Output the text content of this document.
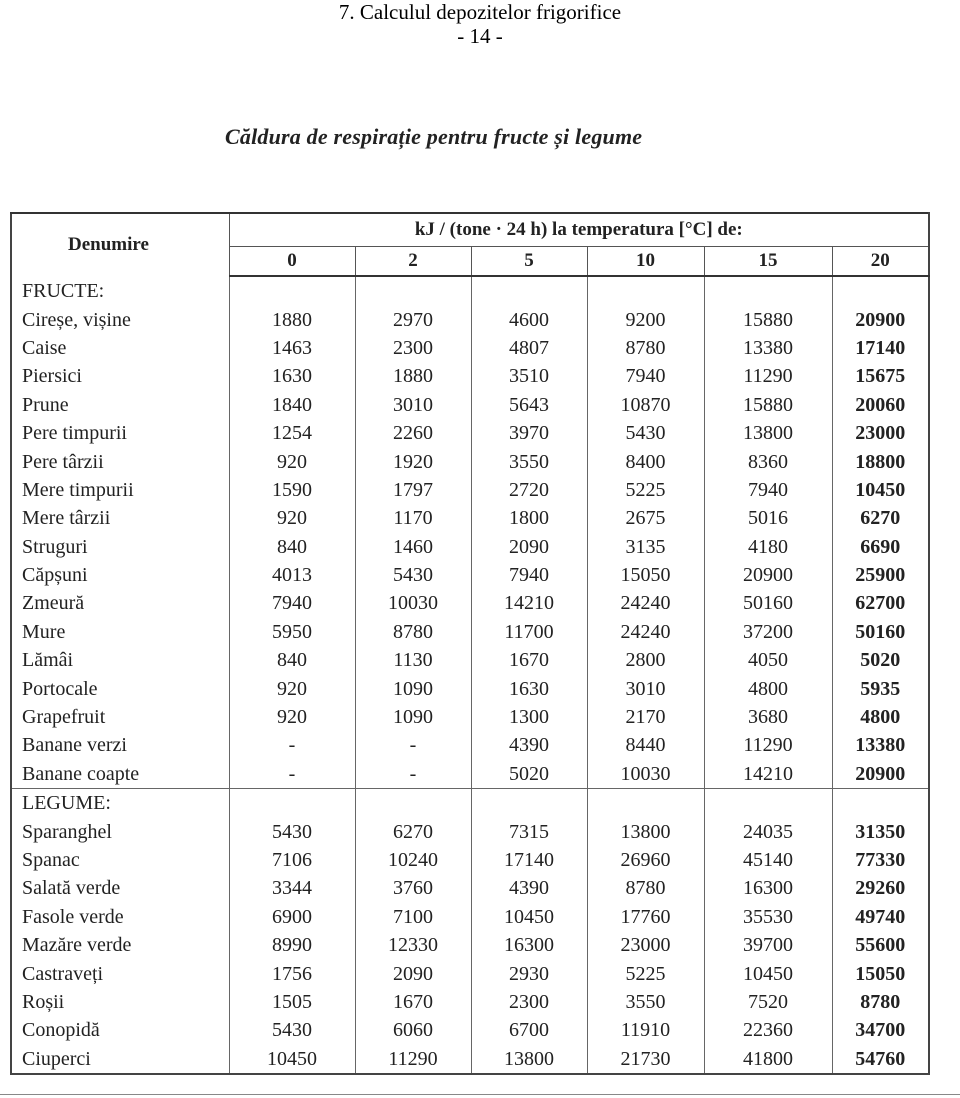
7. Calculul depozitelor frigorifice
- 14 -
Căldura de respirație pentru fructe și legume
Denumire	kJ / (tone · 24 h) la temperatura [°C] de:					
	0	2	5	10	15	20
FRUCTE:						
Cireșe, vișine	1880	2970	4600	9200	15880	20900
Caise	1463	2300	4807	8780	13380	17140
Piersici	1630	1880	3510	7940	11290	15675
Prune	1840	3010	5643	10870	15880	20060
Pere timpurii	1254	2260	3970	5430	13800	23000
Pere târzii	920	1920	3550	8400	8360	18800
Mere timpurii	1590	1797	2720	5225	7940	10450
Mere târzii	920	1170	1800	2675	5016	6270
Struguri	840	1460	2090	3135	4180	6690
Căpșuni	4013	5430	7940	15050	20900	25900
Zmeură	7940	10030	14210	24240	50160	62700
Mure	5950	8780	11700	24240	37200	50160
Lămâi	840	1130	1670	2800	4050	5020
Portocale	920	1090	1630	3010	4800	5935
Grapefruit	920	1090	1300	2170	3680	4800
Banane verzi	-	-	4390	8440	11290	13380
Banane coapte	-	-	5020	10030	14210	20900
LEGUME:						
Sparanghel	5430	6270	7315	13800	24035	31350
Spanac	7106	10240	17140	26960	45140	77330
Salată verde	3344	3760	4390	8780	16300	29260
Fasole verde	6900	7100	10450	17760	35530	49740
Mazăre verde	8990	12330	16300	23000	39700	55600
Castraveți	1756	2090	2930	5225	10450	15050
Roșii	1505	1670	2300	3550	7520	8780
Conopidă	5430	6060	6700	11910	22360	34700
Ciuperci	10450	11290	13800	21730	41800	54760
